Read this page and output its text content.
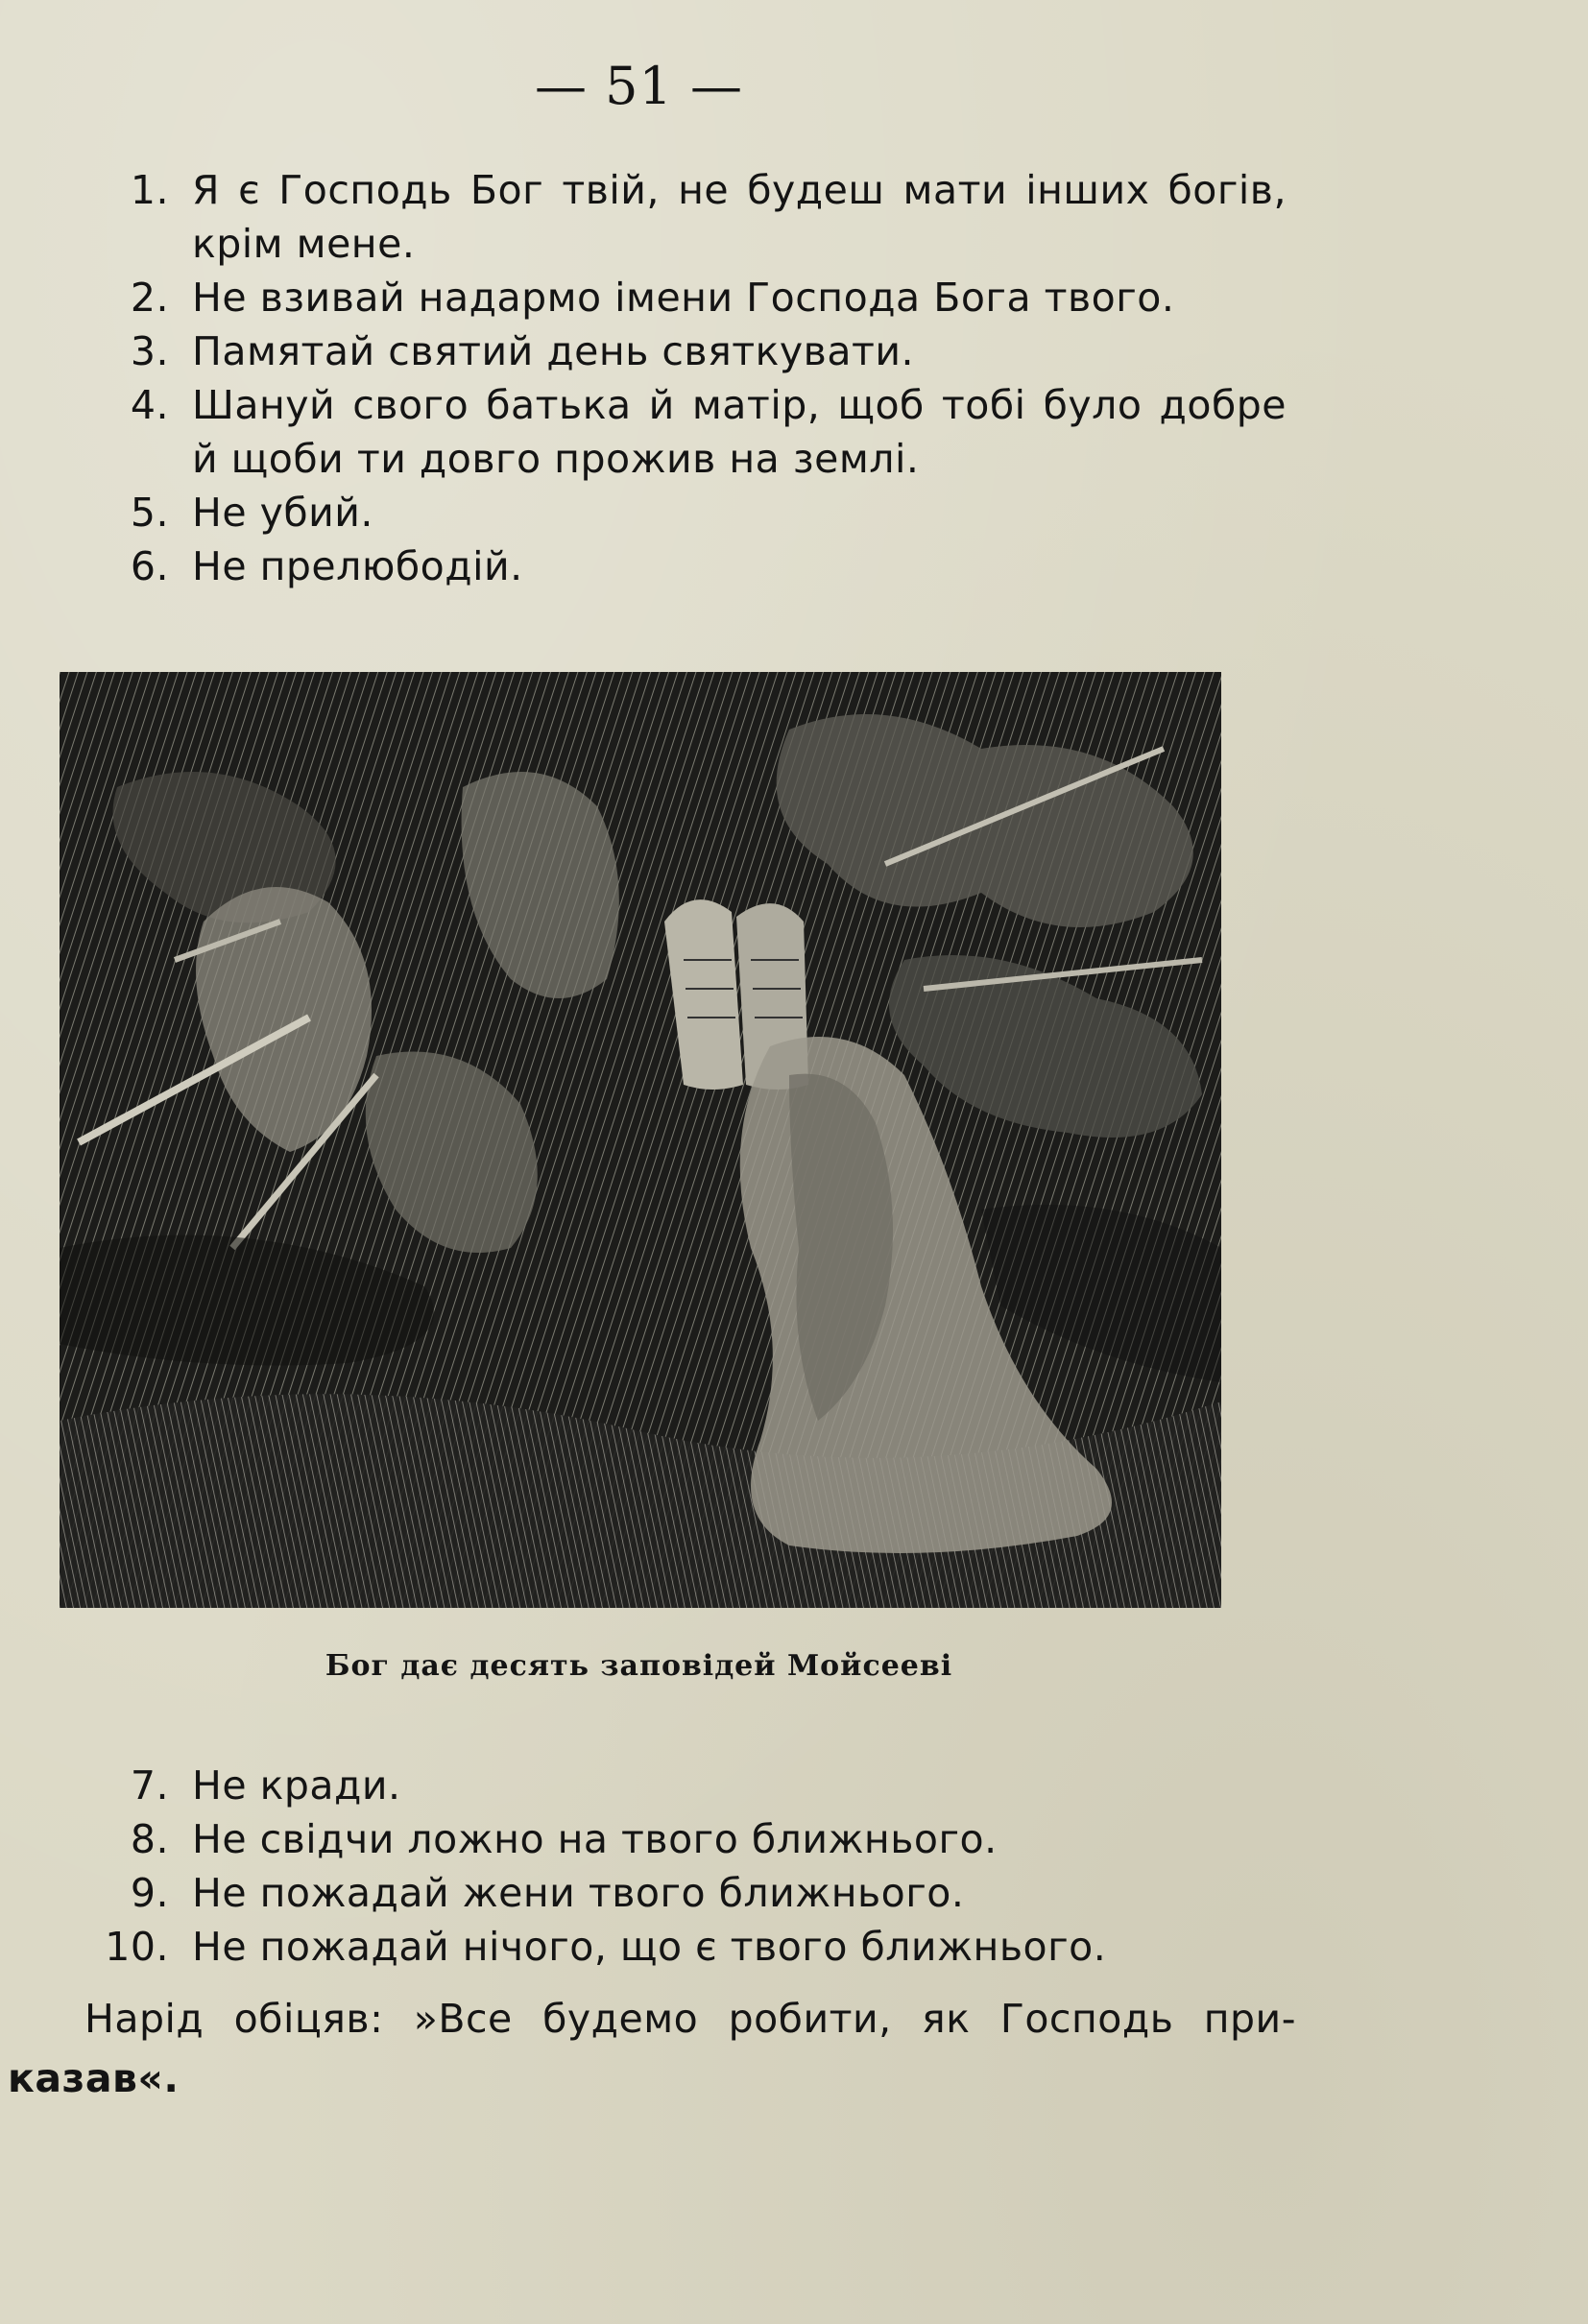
— 51 —
1. Я є Господь Бог твій, не будеш мати інших богів, крім мене.
2. Не взивай надармо імени Господа Бога твого.
3. Памятай святий день святкувати.
4. Шануй свого батька й матір, щоб тобі було добре й щоби ти довго прожив на землі.
5. Не убий.
6. Не прелюбодій.
Бог дає десять заповідей Мойсееві
7. Не кради.
8. Не свідчи ложно на твого ближнього.
9. Не пожадай жени твого ближнього.
10. Не пожадай нічого, що є твого ближнього.
Нарід обіцяв: »Все будемо робити, як Господь при-
казав«.
